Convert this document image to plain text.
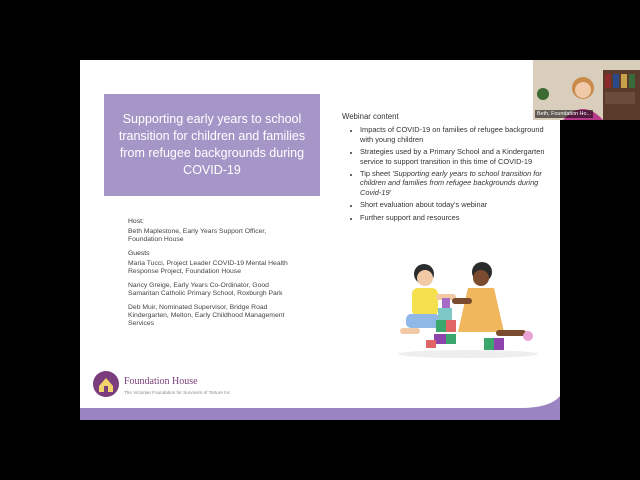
Supporting early years to school transition for children and families from refugee backgrounds during COVID-19
Host:
Beth Maplestone, Early Years Support Officer, Foundation House
Guests
Maria Tucci, Project Leader COVID-19 Mental Health Response Project, Foundation House
Nancy Greige, Early Years Co-Ordinator, Good Samaritan Catholic Primary School, Roxburgh Park
Deb Muir, Nominated Supervisor, Bridge Road Kindergarten, Melton, Early Childhood Management Services
Webinar content
• Impacts of COVID-19 on families of refugee background with young children
• Strategies used by a Primary School and a Kindergarten service to support transition in this time of COVID-19
• Tip sheet 'Supporting early years to school transition for children and families from refugee backgrounds during Covid-19'
• Short evaluation about today's webinar
• Further support and resources
Foundation House
The Victorian Foundation for Survivors of Torture Inc
Beth, Foundation Ho...
